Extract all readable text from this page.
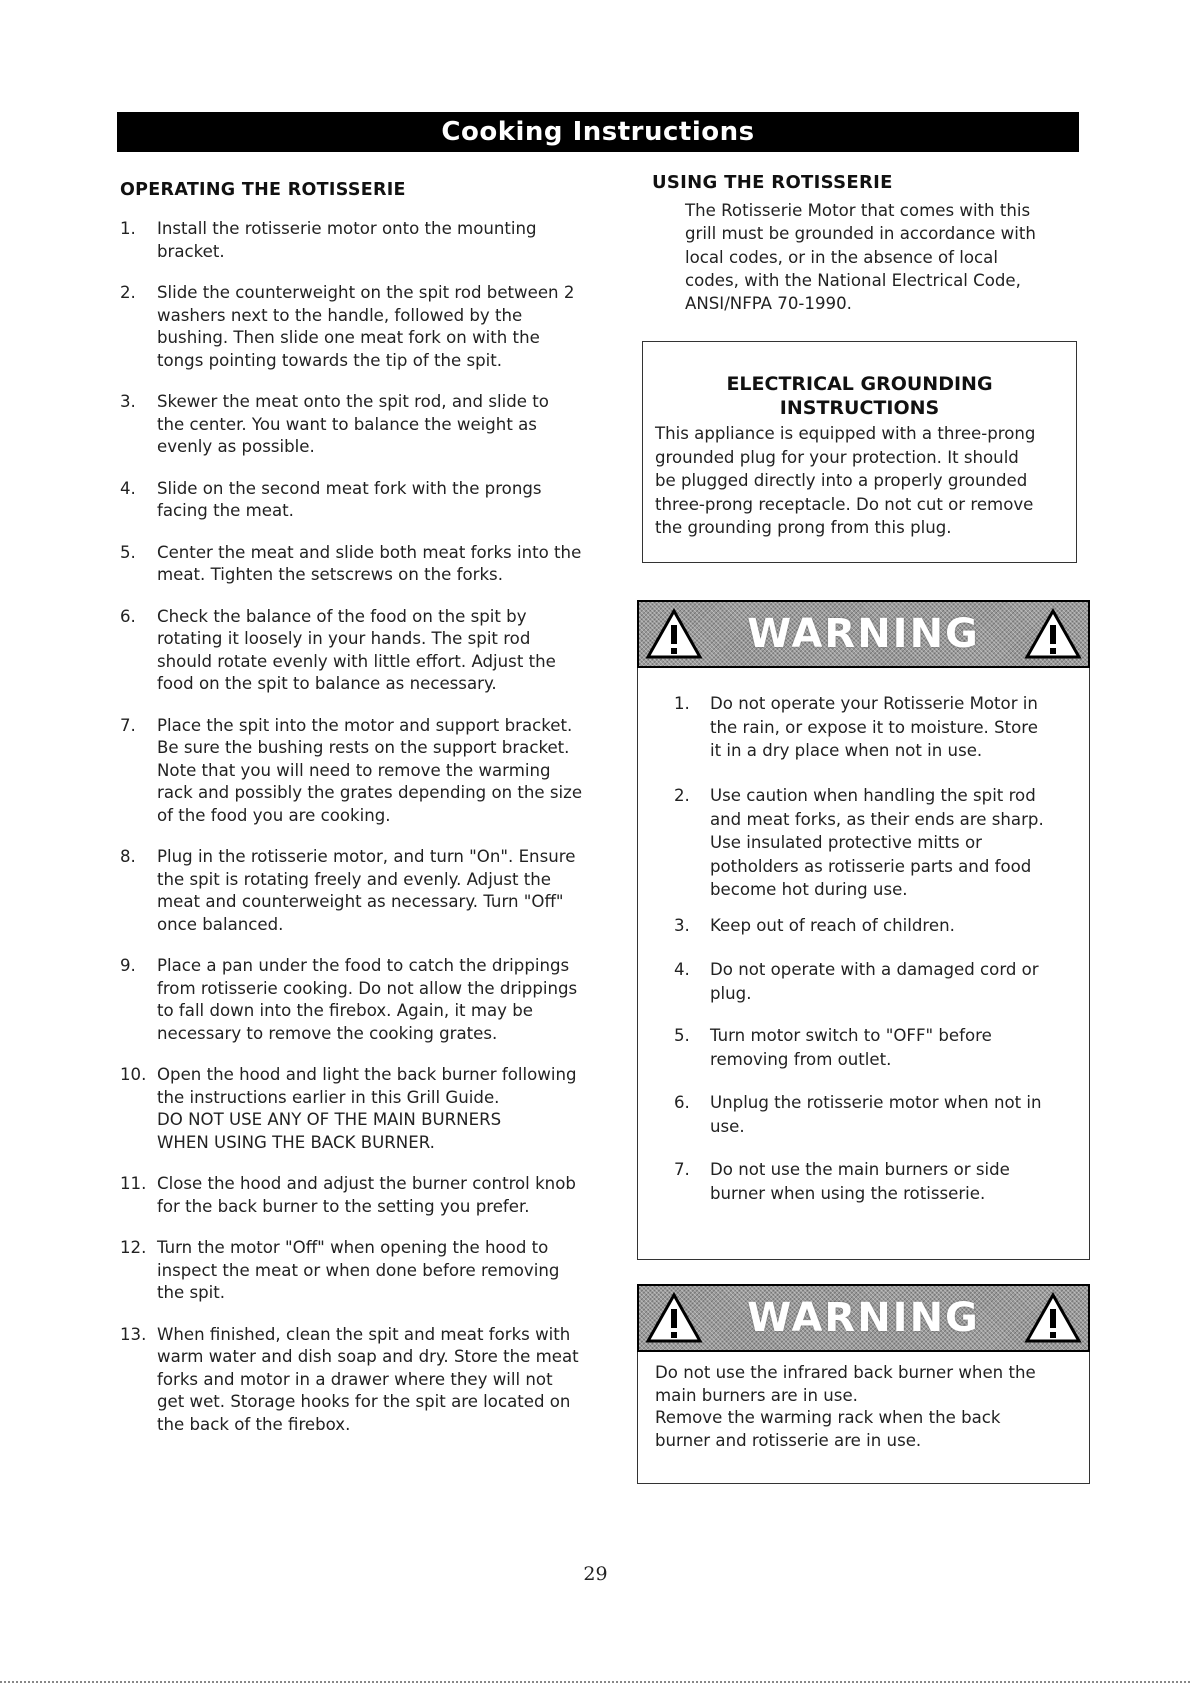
Cooking Instructions

OPERATING THE ROTISSERIE

1. Install the rotisserie motor onto the mounting
bracket.
2. Slide the counterweight on the spit rod between 2
washers next to the handle, followed by the
bushing. Then slide one meat fork on with the
tongs pointing towards the tip of the spit.
3. Skewer the meat onto the spit rod, and slide to
the center. You want to balance the weight as
evenly as possible.
4. Slide on the second meat fork with the prongs
facing the meat.
5. Center the meat and slide both meat forks into the
meat. Tighten the setscrews on the forks.
6. Check the balance of the food on the spit by
rotating it loosely in your hands. The spit rod
should rotate evenly with little effort. Adjust the
food on the spit to balance as necessary.
7. Place the spit into the motor and support bracket.
Be sure the bushing rests on the support bracket.
Note that you will need to remove the warming
rack and possibly the grates depending on the size
of the food you are cooking.
8. Plug in the rotisserie motor, and turn "On". Ensure
the spit is rotating freely and evenly. Adjust the
meat and counterweight as necessary. Turn "Off"
once balanced.
9. Place a pan under the food to catch the drippings
from rotisserie cooking. Do not allow the drippings
to fall down into the firebox. Again, it may be
necessary to remove the cooking grates.
10. Open the hood and light the back burner following
the instructions earlier in this Grill Guide.
DO NOT USE ANY OF THE MAIN BURNERS
WHEN USING THE BACK BURNER.
11. Close the hood and adjust the burner control knob
for the back burner to the setting you prefer.
12. Turn the motor "Off" when opening the hood to
inspect the meat or when done before removing
the spit.
13. When finished, clean the spit and meat forks with
warm water and dish soap and dry. Store the meat
forks and motor in a drawer where they will not
get wet. Storage hooks for the spit are located on
the back of the firebox.

USING THE ROTISSERIE

The Rotisserie Motor that comes with this
grill must be grounded in accordance with
local codes, or in the absence of local
codes, with the National Electrical Code,
ANSI/NFPA 70-1990.
ELECTRICAL GROUNDING
INSTRUCTIONS
This appliance is equipped with a three-prong
grounded plug for your protection. It should
be plugged directly into a properly grounded
three-prong receptacle. Do not cut or remove
the grounding prong from this plug.
WARNING
1. Do not operate your Rotisserie Motor in
the rain, or expose it to moisture. Store
it in a dry place when not in use.
2. Use caution when handling the spit rod
and meat forks, as their ends are sharp.
Use insulated protective mitts or
potholders as rotisserie parts and food
become hot during use.
3. Keep out of reach of children.
4. Do not operate with a damaged cord or
plug.
5. Turn motor switch to "OFF" before
removing from outlet.
6. Unplug the rotisserie motor when not in
use.
7. Do not use the main burners or side
burner when using the rotisserie.
WARNING
Do not use the infrared back burner when the
main burners are in use.
Remove the warming rack when the back
burner and rotisserie are in use.
29
